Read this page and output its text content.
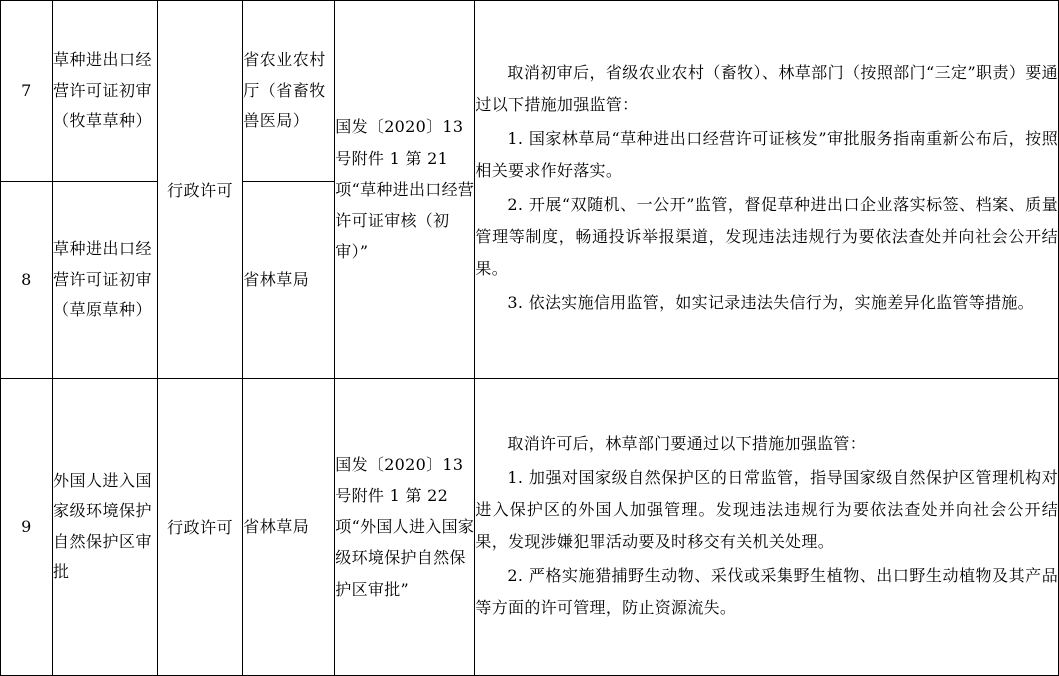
7	草种进出口经营许可证初审（牧草草种）	行政许可	省农业农村厅（省畜牧兽医局）	国发〔2020〕13号附件 1 第 21 项“草种进出口经营许可证审核（初审）”	取消初审后，省级农业农村（畜牧）、林草部门（按照部门“三定”职责）要通过以下措施加强监管：

1. 国家林草局“草种进出口经营许可证核发”审批服务指南重新公布后，按照相关要求作好落实。

2. 开展“双随机、一公开”监管，督促草种进出口企业落实标签、档案、质量管理等制度，畅通投诉举报渠道，发现违法违规行为要依法查处并向社会公开结果。

3. 依法实施信用监管，如实记录违法失信行为，实施差异化监管等措施。

8	草种进出口经营许可证初审（草原草种）		省林草局		
9	外国人进入国家级环境保护自然保护区审批	行政许可	省林草局	国发〔2020〕13号附件 1 第 22 项“外国人进入国家级环境保护自然保护区审批”	取消许可后，林草部门要通过以下措施加强监管：

1. 加强对国家级自然保护区的日常监管，指导国家级自然保护区管理机构对进入保护区的外国人加强管理。发现违法违规行为要依法查处并向社会公开结果，发现涉嫌犯罪活动要及时移交有关机关处理。

2. 严格实施猎捕野生动物、采伐或采集野生植物、出口野生动植物及其产品等方面的许可管理，防止资源流失。
